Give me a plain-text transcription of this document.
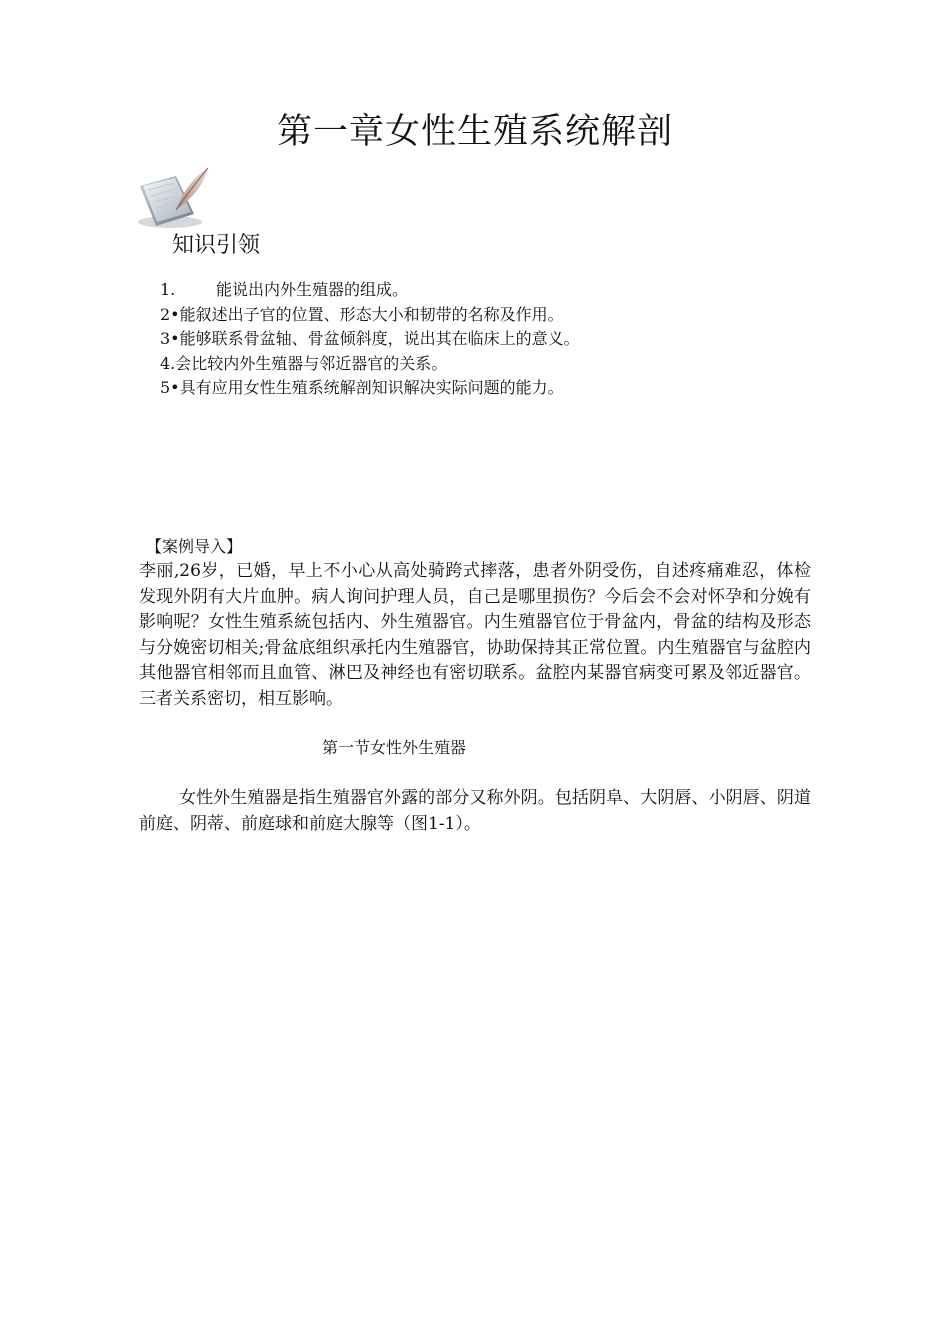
第一章女性生殖系统解剖
知识引领
1.	能说出内外生殖器的组成。
2•能叙述出子官的位置、形态大小和韧带的名称及作用。
3•能够联系骨盆轴、骨盆倾斜度，说出其在临床上的意义。
4.会比较内外生殖器与邻近器官的关系。
5•具有应用女性生殖系统解剖知识解决实际问题的能力。
【案例导入】

李丽,26岁，已婚，早上不小心从高处骑跨式摔落，患者外阴受伤，自述疼痛难忍，体检发现外阴有大片血肿。病人询问护理人员，自己是哪里损伤？今后会不会对怀孕和分娩有影响呢？女性生殖系統包括内、外生殖器官。内生殖器官位于骨盆内，骨盆的结构及形态与分娩密切相关;骨盆底组织承托内生殖器官，协助保持其正常位置。内生殖器官与盆腔内其他器官相邻而且血管、淋巴及神经也有密切联系。盆腔内某器官病变可累及邻近器官。三者关系密切，相互影响。

第一节女性外生殖器

女性外生殖器是指生殖器官外露的部分又称外阴。包括阴阜、大阴唇、小阴唇、阴道前庭、阴蒂、前庭球和前庭大腺等（图1-1）。
